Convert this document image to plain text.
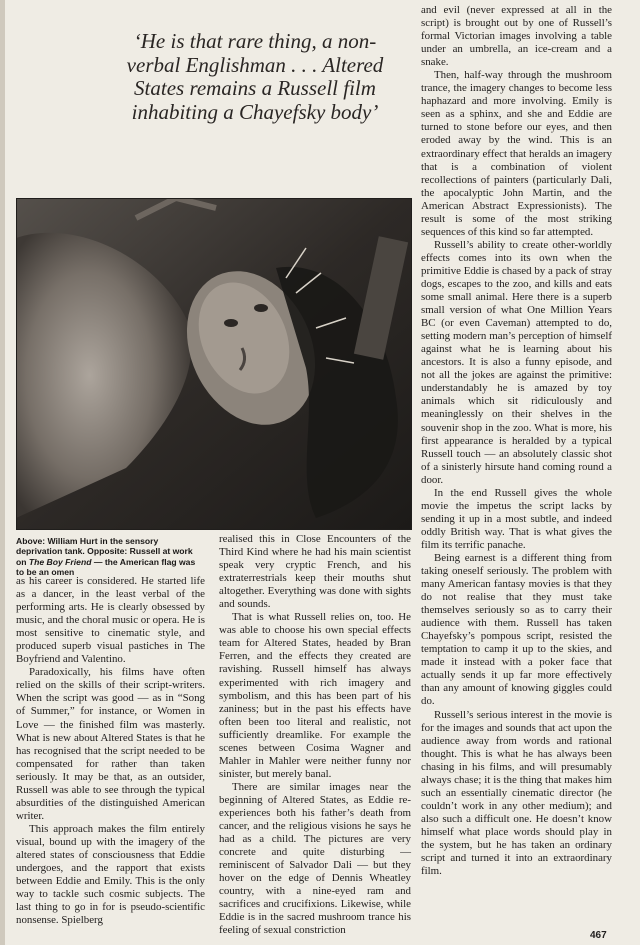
‘He is that rare thing, a non-verbal Englishman . . . Altered States remains a Russell film inhabiting a Chayefsky body’

Above: William Hurt in the sensory deprivation tank. Opposite: Russell at work on The Boy Friend — the American flag was to be an omen

as his career is considered. He started life as a dancer, in the least verbal of the performing arts. He is clearly obsessed by music, and the choral music or opera. He is most sensitive to cinematic style, and produced superb visual pastiches in The Boyfriend and Valentino.

Paradoxically, his films have often relied on the skills of their script-writers. When the script was good — as in “Song of Summer,” for instance, or Women in Love — the finished film was masterly. What is new about Altered States is that he has recognised that the script needed to be compensated for rather than taken seriously. It may be that, as an outsider, Russell was able to see through the typical absurdities of the distinguished American writer.

This approach makes the film entirely visual, bound up with the imagery of the altered states of consciousness that Eddie undergoes, and the rapport that exists between Eddie and Emily. This is the only way to tackle such cosmic subjects. The last thing to go in for is pseudo-scientific nonsense. Spielberg

realised this in Close Encounters of the Third Kind where he had his main scientist speak very cryptic French, and his extraterrestrials keep their mouths shut altogether. Everything was done with sights and sounds.

That is what Russell relies on, too. He was able to choose his own special effects team for Altered States, headed by Bran Ferren, and the effects they created are ravishing. Russell himself has always experimented with rich imagery and symbolism, and this has been part of his zaniness; but in the past his effects have often been too literal and realistic, not sufficiently dreamlike. For example the scenes between Cosima Wagner and Mahler in Mahler were neither funny nor sinister, but merely banal.

There are similar images near the beginning of Altered States, as Eddie re-experiences both his father’s death from cancer, and the religious visions he says he had as a child. The pictures are very concrete and quite disturbing — reminiscent of Salvador Dali — but they hover on the edge of Dennis Wheatley country, with a nine-eyed ram and sacrifices and crucifixions. Likewise, while Eddie is in the sacred mushroom trance his feeling of sexual constriction

and evil (never expressed at all in the script) is brought out by one of Russell’s formal Victorian images involving a table under an umbrella, an ice-cream and a snake.

Then, half-way through the mushroom trance, the imagery changes to become less haphazard and more involving. Emily is seen as a sphinx, and she and Eddie are turned to stone before our eyes, and then eroded away by the wind. This is an extraordinary effect that heralds an imagery that is a combination of violent recollections of painters (particularly Dali, the apocalyptic John Martin, and the American Abstract Expressionists). The result is some of the most striking sequences of this kind so far attempted.

Russell’s ability to create other-worldly effects comes into its own when the primitive Eddie is chased by a pack of stray dogs, escapes to the zoo, and kills and eats some small animal. Here there is a superb small version of what One Million Years BC (or even Caveman) attempted to do, setting modern man’s perception of himself against what he is learning about his ancestors. It is also a funny episode, and not all the jokes are against the primitive: understandably he is amazed by toy animals which sit ridiculously and meaninglessly on their shelves in the souvenir shop in the zoo. What is more, his first appearance is heralded by a typical Russell touch — an absolutely classic shot of a sinisterly hirsute hand coming round a door.

In the end Russell gives the whole movie the impetus the script lacks by sending it up in a most subtle, and indeed oddly British way. That is what gives the film its terrific panache.

Being earnest is a different thing from taking oneself seriously. The problem with many American fantasy movies is that they do not realise that they must take themselves seriously so as to carry their audience with them. Russell has taken Chayefsky’s pompous script, resisted the temptation to camp it up to the skies, and made it instead with a poker face that actually sends it up far more effectively than any amount of knowing giggles could do.

Russell’s serious interest in the movie is for the images and sounds that act upon the audience away from words and rational thought. This is what he has always been chasing in his films, and will presumably always chase; it is the thing that makes him such an essentially cinematic director (he couldn’t work in any other medium); and also such a difficult one. He doesn’t know himself what place words should play in the system, but he has taken an ordinary script and turned it into an extraordinary film.

467
